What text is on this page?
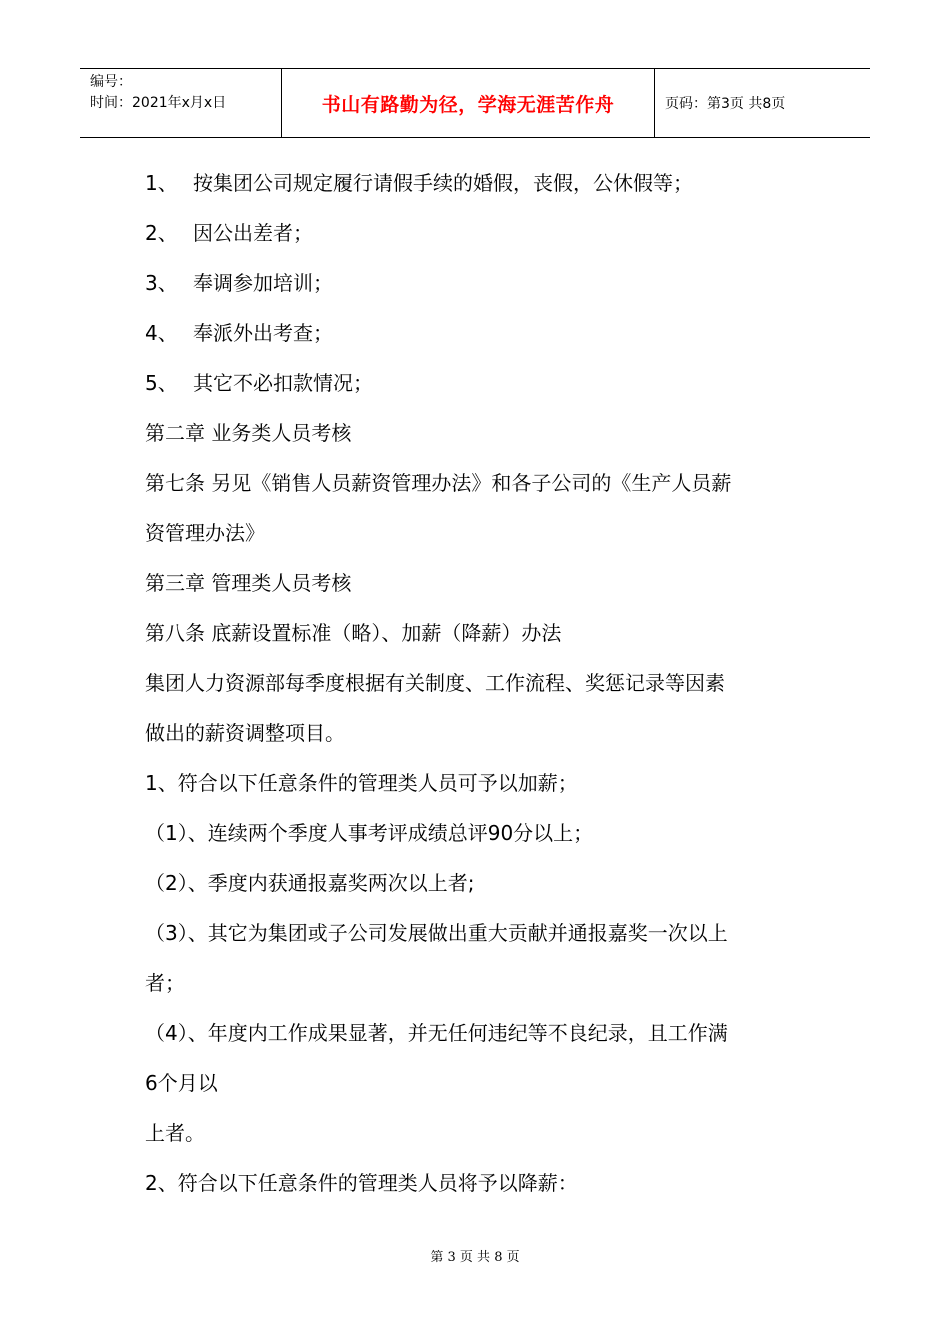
编号：
时间：2021年x月x日	书山有路勤为径，学海无涯苦作舟	页码：第3页 共8页
1、 按集团公司规定履行请假手续的婚假，丧假，公休假等；
2、 因公出差者；
3、 奉调参加培训；
4、 奉派外出考查；
5、 其它不必扣款情况；
第二章 业务类人员考核
第七条 另见《销售人员薪资管理办法》和各子公司的《生产人员薪
资管理办法》
第三章 管理类人员考核
第八条 底薪设置标准（略）、加薪（降薪）办法
集团人力资源部每季度根据有关制度、工作流程、奖惩记录等因素
做出的薪资调整项目。
1、符合以下任意条件的管理类人员可予以加薪；
（1）、连续两个季度人事考评成绩总评90分以上；
（2）、季度内获通报嘉奖两次以上者;
（3）、其它为集团或子公司发展做出重大贡献并通报嘉奖一次以上
者；
（4）、年度内工作成果显著，并无任何违纪等不良纪录，且工作满
6个月以
上者。
2、符合以下任意条件的管理类人员将予以降薪：
第 3 页 共 8 页
